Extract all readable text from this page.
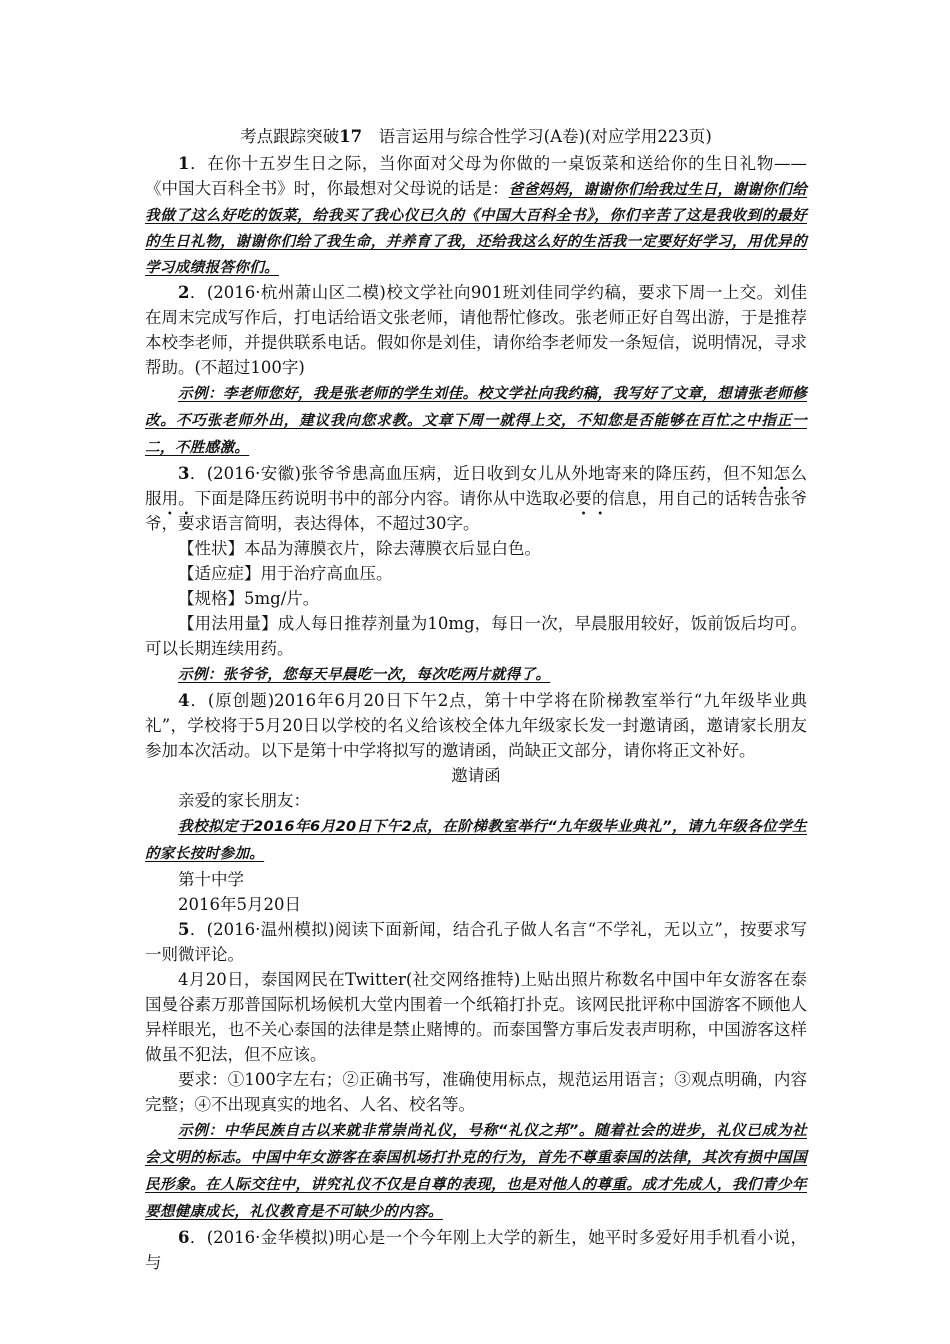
考点跟踪突破17　语言运用与综合性学习(A卷)(对应学用223页)

1．在你十五岁生日之际，当你面对父母为你做的一桌饭菜和送给你的生日礼物——《中国大百科全书》时，你最想对父母说的话是：爸爸妈妈，谢谢你们给我过生日，谢谢你们给我做了这么好吃的饭菜，给我买了我心仪已久的《中国大百科全书》，你们辛苦了这是我收到的最好的生日礼物，谢谢你们给了我生命，并养育了我，还给我这么好的生活我一定要好好学习，用优异的学习成绩报答你们。

2．(2016·杭州萧山区二模)校文学社向901班刘佳同学约稿，要求下周一上交。刘佳在周末完成写作后，打电话给语文张老师，请他帮忙修改。张老师正好自驾出游，于是推荐本校李老师，并提供联系电话。假如你是刘佳，请你给李老师发一条短信，说明情况，寻求帮助。(不超过100字)

示例：李老师您好，我是张老师的学生刘佳。校文学社向我约稿，我写好了文章，想请张老师修改。不巧张老师外出，建议我向您求教。文章下周一就得上交，不知您是否能够在百忙之中指正一二，不胜感激。

3．(2016·安徽)张爷爷患高血压病，近日收到女儿从外地寄来的降压药，但不知怎么服用。下面是降压药说明书中的部分内容。请你从中选取必要的信息，用自己的话转告张爷爷，要求语言简明，表达得体，不超过30字。

【性状】本品为薄膜衣片，除去薄膜衣后显白色。

【适应症】用于治疗高血压。

【规格】5mg/片。

【用法用量】成人每日推荐剂量为10mg，每日一次，早晨服用较好，饭前饭后均可。可以长期连续用药。

示例：张爷爷，您每天早晨吃一次，每次吃两片就得了。

4．(原创题)2016年6月20日下午2点，第十中学将在阶梯教室举行“九年级毕业典礼”，学校将于5月20日以学校的名义给该校全体九年级家长发一封邀请函，邀请家长朋友参加本次活动。以下是第十中学将拟写的邀请函，尚缺正文部分，请你将正文补好。

邀请函

亲爱的家长朋友：

我校拟定于2016年6月20日下午2点，在阶梯教室举行“九年级毕业典礼”，请九年级各位学生的家长按时参加。

第十中学

2016年5月20日

5．(2016·温州模拟)阅读下面新闻，结合孔子做人名言“不学礼，无以立”，按要求写一则微评论。

4月20日，泰国网民在Twitter(社交网络推特)上贴出照片称数名中国中年女游客在泰国曼谷素万那普国际机场候机大堂内围着一个纸箱打扑克。该网民批评称中国游客不顾他人异样眼光，也不关心泰国的法律是禁止赌博的。而泰国警方事后发表声明称，中国游客这样做虽不犯法，但不应该。

要求：①100字左右；②正确书写，准确使用标点，规范运用语言；③观点明确，内容完整；④不出现真实的地名、人名、校名等。

示例：中华民族自古以来就非常崇尚礼仪，号称“礼仪之邦”。随着社会的进步，礼仪已成为社会文明的标志。中国中年女游客在泰国机场打扑克的行为，首先不尊重泰国的法律，其次有损中国国民形象。在人际交往中，讲究礼仪不仅是自尊的表现，也是对他人的尊重。成才先成人，我们青少年要想健康成长，礼仪教育是不可缺少的内容。

6．(2016·金华模拟)明心是一个今年刚上大学的新生，她平时多爱好用手机看小说，与
